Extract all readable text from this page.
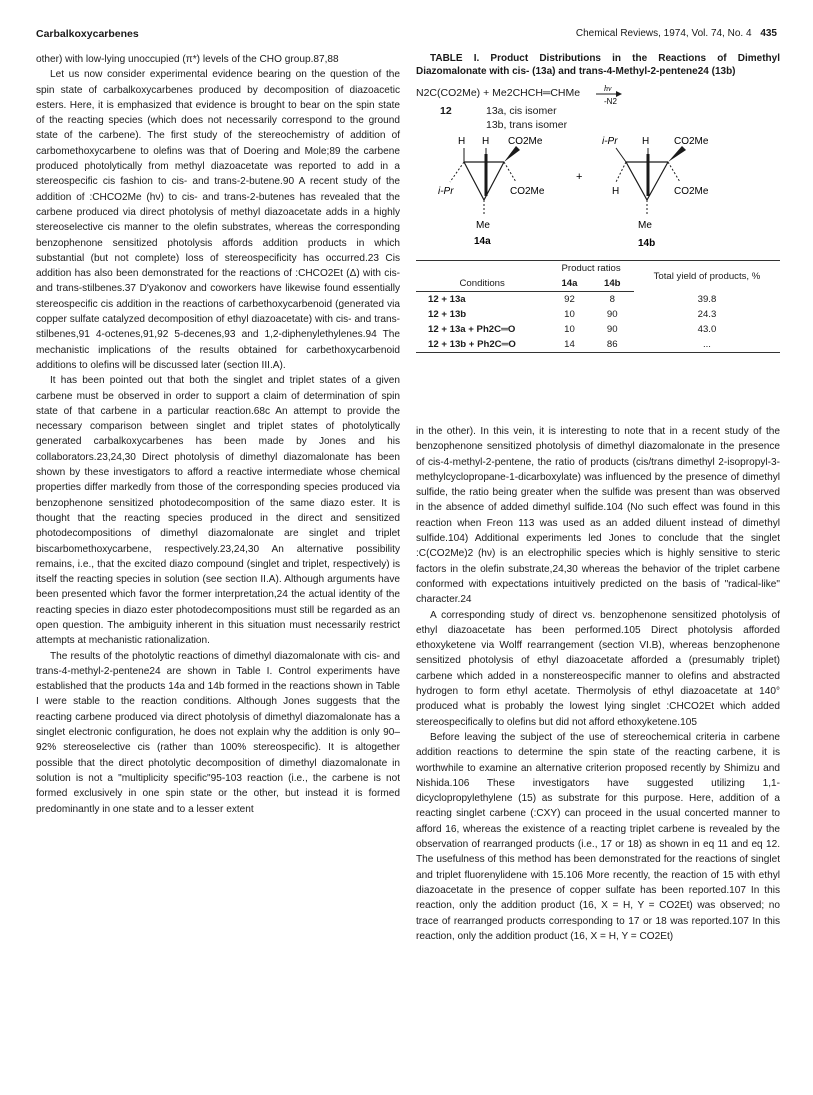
Carbalkoxycarbenes	Chemical Reviews, 1974, Vol. 74, No. 4 435

other) with low-lying unoccupied (π*) levels of the CHO group.87,88

Let us now consider experimental evidence bearing on the question of the spin state of carbalkoxycarbenes produced by decomposition of diazoacetic esters. Here, it is emphasized that evidence is brought to bear on the spin state of the reacting species (which does not necessarily correspond to the ground state of the carbene). The first study of the stereochemistry of addition of carbomethoxycarbene to olefins was that of Doering and Mole;89 the carbene produced photolytically from methyl diazoacetate was reported to add in a stereospecific cis fashion to cis- and trans-2-butene.90 A recent study of the addition of :CHCO2Me (hν) to cis- and trans-2-butenes has revealed that the carbene produced via direct photolysis of methyl diazoacetate adds in a highly stereoselective cis manner to the olefin substrates, whereas the corresponding benzophenone sensitized photolysis affords addition products in which substantial (but not complete) loss of stereospecificity has occurred.23 Cis addition has also been demonstrated for the reactions of :CHCO2Et (Δ) with cis- and trans-stilbenes.37 D'yakonov and coworkers have likewise found essentially stereospecific cis addition in the reactions of carbethoxycarbenoid (generated via copper sulfate catalyzed decomposition of ethyl diazoacetate) with cis- and trans-stilbenes,91 4-octenes,91,92 5-decenes,93 and 1,2-diphenylethylenes.94 The mechanistic implications of the results obtained for carbethoxycarbenoid additions to olefins will be discussed later (section III.A).

It has been pointed out that both the singlet and triplet states of a given carbene must be observed in order to support a claim of determination of spin state of that carbene in a particular reaction.68c An attempt to provide the necessary comparison between singlet and triplet states of photolytically generated carbalkoxycarbenes has been made by Jones and his collaborators.23,24,30 Direct photolysis of dimethyl diazomalonate has been shown by these investigators to afford a reactive intermediate whose chemical properties differ markedly from those of the corresponding species produced via benzophenone sensitized photodecomposition of the same diazo ester. It is thought that the reacting species produced in the direct and sensitized photodecompositions of dimethyl diazomalonate are singlet and triplet biscarbomethoxycarbene, respectively.23,24,30 An alternative possibility remains, i.e., that the excited diazo compound (singlet and triplet, respectively) is itself the reacting species in solution (see section II.A). Although arguments have been presented which favor the former interpretation,24 the actual identity of the reacting species in diazo ester photodecompositions must still be regarded as an open question. The ambiguity inherent in this situation must necessarily restrict attempts at mechanistic rationalization.

The results of the photolytic reactions of dimethyl diazomalonate with cis- and trans-4-methyl-2-pentene24 are shown in Table I. Control experiments have established that the products 14a and 14b formed in the reactions shown in Table I were stable to the reaction conditions. Although Jones suggests that the reacting carbene produced via direct photolysis of dimethyl diazomalonate has a singlet electronic configuration, he does not explain why the addition is only 90–92% stereoselective cis (rather than 100% stereospecific). It is altogether possible that the direct photolytic decomposition of dimethyl diazomalonate in solution is not a "multiplicity specific"95-103 reaction (i.e., the carbene is not formed exclusively in one spin state or the other, but instead it is formed predominantly in one state and to a lesser extent

TABLE I. Product Distributions in the Reactions of Dimethyl Diazomalonate with cis- (13a) and trans-4-Methyl-2-pentene24 (13b)

N2C(CO2Me) + Me2CHCH═CHMe	hν
-N2
H H CO2Me
i-Pr	CO2Me
Me
14a
+
i-Pr H CO2Me
H	CO2Me
Me
14b
12	13a, cis isomer
13b, trans isomer
	Product ratios		Total yield of products, %
Conditions	14a	14b	
12 + 13a	92	8	39.8
12 + 13b	10	90	24.3
12 + 13a + Ph2C═O	10	90	43.0
12 + 13b + Ph2C═O	14	86	...

in the other). In this vein, it is interesting to note that in a recent study of the benzophenone sensitized photolysis of dimethyl diazomalonate in the presence of cis-4-methyl-2-pentene, the ratio of products (cis/trans dimethyl 2-isopropyl-3-methylcyclopropane-1-dicarboxylate) was influenced by the presence of dimethyl sulfide, the ratio being greater when the sulfide was present than was observed in the absence of added dimethyl sulfide.104 (No such effect was found in this reaction when Freon 113 was used as an added diluent instead of dimethyl sulfide.104) Additional experiments led Jones to conclude that the singlet :C(CO2Me)2 (hν) is an electrophilic species which is highly sensitive to steric factors in the olefin substrate,24,30 whereas the behavior of the triplet carbene conformed with expectations intuitively predicted on the basis of "radical-like" character.24

A corresponding study of direct vs. benzophenone sensitized photolysis of ethyl diazoacetate has been performed.105 Direct photolysis afforded ethoxyketene via Wolff rearrangement (section VI.B), whereas benzophenone sensitized photolysis of ethyl diazoacetate afforded a (presumably triplet) carbene which added in a nonstereospecific manner to olefins and abstracted hydrogen to form ethyl acetate. Thermolysis of ethyl diazoacetate at 140° produced what is probably the lowest lying singlet :CHCO2Et which added stereospecifically to olefins but did not afford ethoxyketene.105

Before leaving the subject of the use of stereochemical criteria in carbene addition reactions to determine the spin state of the reacting carbene, it is worthwhile to examine an alternative criterion proposed recently by Shimizu and Nishida.106 These investigators have suggested utilizing 1,1-dicyclopropylethylene (15) as substrate for this purpose. Here, addition of a reacting singlet carbene (:CXY) can proceed in the usual concerted manner to afford 16, whereas the existence of a reacting triplet carbene is revealed by the observation of rearranged products (i.e., 17 or 18) as shown in eq 11 and eq 12. The usefulness of this method has been demonstrated for the reactions of singlet and triplet fluorenylidene with 15.106 More recently, the reaction of 15 with ethyl diazoacetate in the presence of copper sulfate has been reported.107 In this reaction, only the addition product (16, X = H, Y = CO2Et) was observed; no trace of rearranged products corresponding to 17 or 18 was reported.107 In this reaction, only the addition product (16, X = H, Y = CO2Et)
